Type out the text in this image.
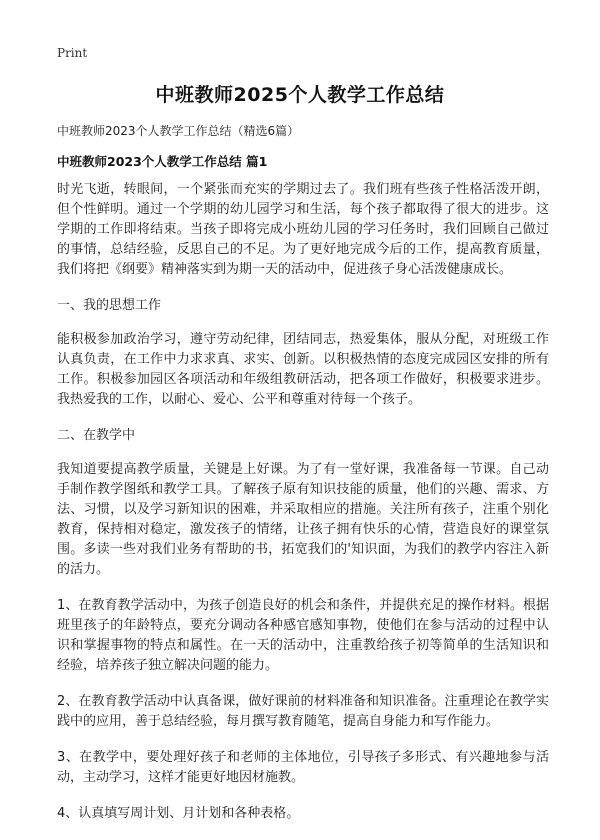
Print
中班教师2025个人教学工作总结
中班教师2023个人教学工作总结（精选6篇）
中班教师2023个人教学工作总结 篇1

时光飞逝，转眼间，一个紧张而充实的学期过去了。我们班有些孩子性格活泼开朗，但个性鲜明。通过一个学期的幼儿园学习和生活，每个孩子都取得了很大的进步。这学期的工作即将结束。当孩子即将完成小班幼儿园的学习任务时，我们回顾自己做过的事情，总结经验，反思自己的不足。为了更好地完成今后的工作，提高教育质量，我们将把《纲要》精神落实到为期一天的活动中，促进孩子身心活泼健康成长。

一、我的思想工作

能积极参加政治学习，遵守劳动纪律，团结同志，热爱集体，服从分配，对班级工作认真负责，在工作中力求求真、求实、创新。以积极热情的态度完成园区安排的所有工作。积极参加园区各项活动和年级组教研活动，把各项工作做好，积极要求进步。我热爱我的工作，以耐心、爱心、公平和尊重对待每一个孩子。

二、在教学中

我知道要提高教学质量，关键是上好课。为了有一堂好课，我准备每一节课。自己动手制作教学图纸和教学工具。了解孩子原有知识技能的质量，他们的兴趣、需求、方法、习惯，以及学习新知识的困难，并采取相应的措施。关注所有孩子，注重个别化教育，保持相对稳定，激发孩子的情绪，让孩子拥有快乐的心情，营造良好的课堂氛围。多读一些对我们业务有帮助的书，拓宽我们的'知识面，为我们的教学内容注入新的活力。

1、在教育教学活动中，为孩子创造良好的机会和条件，并提供充足的操作材料。根据班里孩子的年龄特点，要充分调动各种感官感知事物，使他们在参与活动的过程中认识和掌握事物的特点和属性。在一天的活动中，注重教给孩子初等简单的生活知识和经验，培养孩子独立解决问题的能力。

2、在教育教学活动中认真备课，做好课前的材料准备和知识准备。注重理论在教学实践中的应用，善于总结经验，每月撰写教育随笔，提高自身能力和写作能力。

3、在教学中，要处理好孩子和老师的主体地位，引导孩子多形式、有兴趣地参与活动，主动学习，这样才能更好地因材施教。

4、认真填写周计划、月计划和各种表格。
